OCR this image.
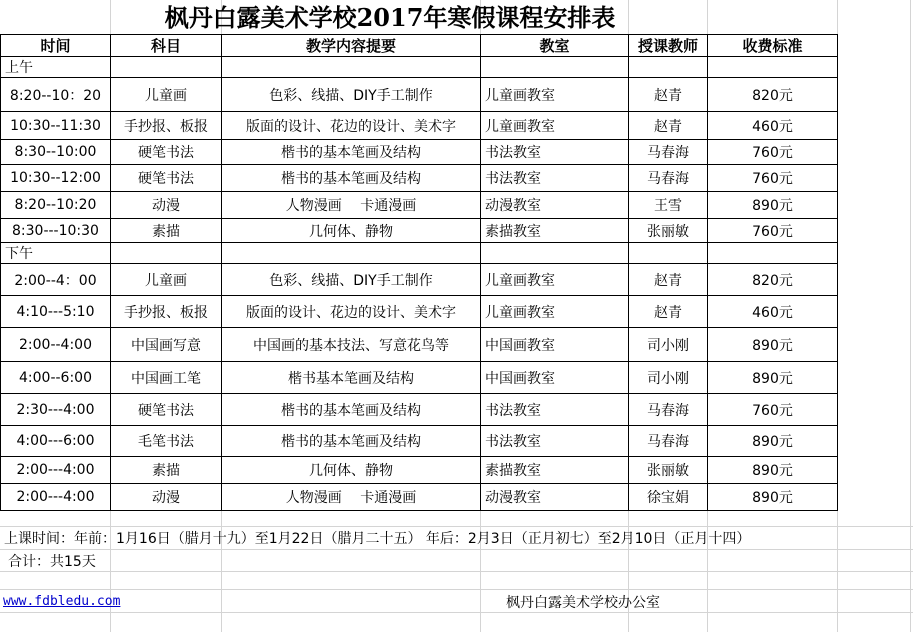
枫丹白露美术学校2017年寒假课程安排表
时间	科目	教学内容提要	教室	授课教师	收费标准
上午					
8:20--10：20	儿童画	色彩、线描、DIY手工制作	儿童画教室	赵青	820元
10:30--11:30	手抄报、板报	版面的设计、花边的设计、美术字	儿童画教室	赵青	460元
8:30--10:00	硬笔书法	楷书的基本笔画及结构	书法教室	马春海	760元
10:30--12:00	硬笔书法	楷书的基本笔画及结构	书法教室	马春海	760元
8:20--10:20	动漫	人物漫画　 卡通漫画	动漫教室	王雪	890元
8:30---10:30	素描	几何体、静物	素描教室	张丽敏	760元
下午					
2:00--4：00	儿童画	色彩、线描、DIY手工制作	儿童画教室	赵青	820元
4:10---5:10	手抄报、板报	版面的设计、花边的设计、美术字	儿童画教室	赵青	460元
2:00--4:00	中国画写意	中国画的基本技法、写意花鸟等	中国画教室	司小刚	890元
4:00--6:00	中国画工笔	楷书基本笔画及结构	中国画教室	司小刚	890元
2:30---4:00	硬笔书法	楷书的基本笔画及结构	书法教室	马春海	760元
4:00---6:00	毛笔书法	楷书的基本笔画及结构	书法教室	马春海	890元
2:00---4:00	素描	几何体、静物	素描教室	张丽敏	890元
2:00---4:00	动漫	人物漫画　 卡通漫画	动漫教室	徐宝娟	890元
上课时间：年前：1月16日（腊月十九）至1月22日（腊月二十五） 年后：2月3日（正月初七）至2月10日（正月十四）
合计：共15天
www.fdbledu.com	枫丹白露美术学校办公室
